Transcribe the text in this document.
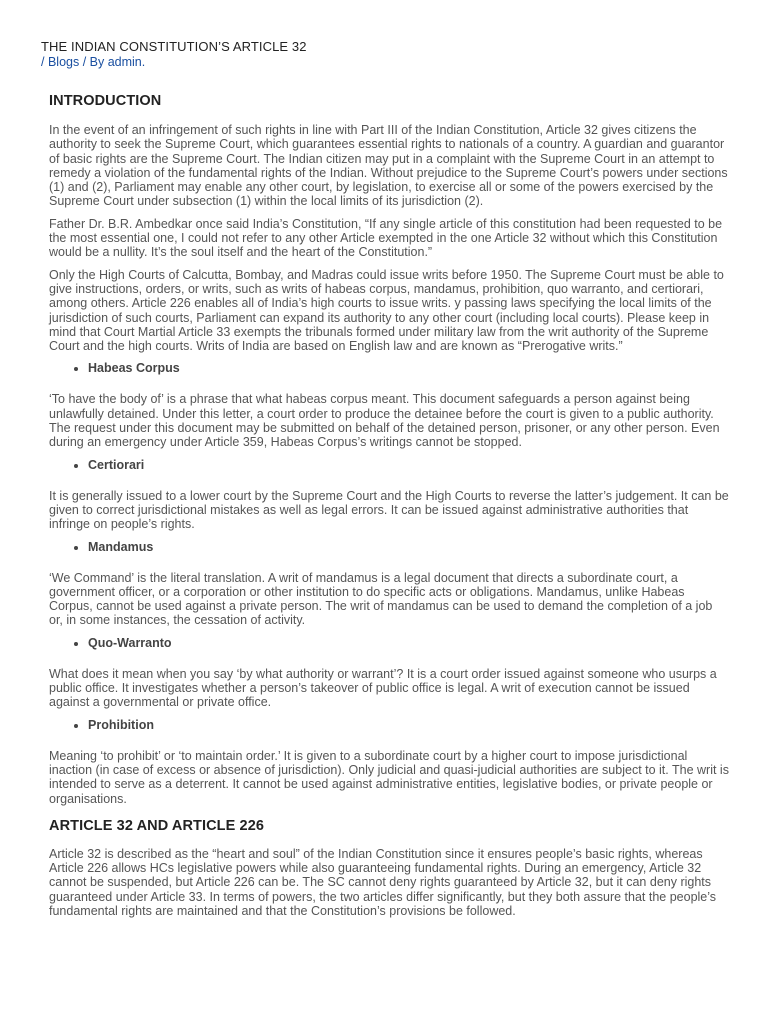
THE INDIAN CONSTITUTION’S ARTICLE 32
/ Blogs / By admin.
INTRODUCTION

In the event of an infringement of such rights in line with Part III of the Indian Constitution, Article 32 gives citizens the authority to seek the Supreme Court, which guarantees essential rights to nationals of a country. A guardian and guarantor of basic rights are the Supreme Court. The Indian citizen may put in a complaint with the Supreme Court in an attempt to remedy a violation of the fundamental rights of the Indian. Without prejudice to the Supreme Court’s powers under sections (1) and (2), Parliament may enable any other court, by legislation, to exercise all or some of the powers exercised by the Supreme Court under subsection (1) within the local limits of its jurisdiction (2).

Father Dr. B.R. Ambedkar once said India’s Constitution, “If any single article of this constitution had been requested to be the most essential one, I could not refer to any other Article exempted in the one Article 32 without which this Constitution would be a nullity. It’s the soul itself and the heart of the Constitution.”

Only the High Courts of Calcutta, Bombay, and Madras could issue writs before 1950. The Supreme Court must be able to give instructions, orders, or writs, such as writs of habeas corpus, mandamus, prohibition, quo warranto, and certiorari, among others. Article 226 enables all of India’s high courts to issue writs. y passing laws specifying the local limits of the jurisdiction of such courts, Parliament can expand its authority to any other court (including local courts). Please keep in mind that Court Martial Article 33 exempts the tribunals formed under military law from the writ authority of the Supreme Court and the high courts. Writs of India are based on English law and are known as “Prerogative writs.”

• Habeas Corpus

‘To have the body of’ is a phrase that what habeas corpus meant. This document safeguards a person against being unlawfully detained. Under this letter, a court order to produce the detainee before the court is given to a public authority. The request under this document may be submitted on behalf of the detained person, prisoner, or any other person. Even during an emergency under Article 359, Habeas Corpus’s writings cannot be stopped.

• Certiorari

It is generally issued to a lower court by the Supreme Court and the High Courts to reverse the latter’s judgement. It can be given to correct jurisdictional mistakes as well as legal errors. It can be issued against administrative authorities that infringe on people’s rights.

• Mandamus

‘We Command’ is the literal translation. A writ of mandamus is a legal document that directs a subordinate court, a government officer, or a corporation or other institution to do specific acts or obligations. Mandamus, unlike Habeas Corpus, cannot be used against a private person. The writ of mandamus can be used to demand the completion of a job or, in some instances, the cessation of activity.

• Quo-Warranto

What does it mean when you say ‘by what authority or warrant’? It is a court order issued against someone who usurps a public office. It investigates whether a person’s takeover of public office is legal. A writ of execution cannot be issued against a governmental or private office.

• Prohibition

Meaning ‘to prohibit’ or ‘to maintain order.’ It is given to a subordinate court by a higher court to impose jurisdictional inaction (in case of excess or absence of jurisdiction). Only judicial and quasi-judicial authorities are subject to it. The writ is intended to serve as a deterrent. It cannot be used against administrative entities, legislative bodies, or private people or organisations.

ARTICLE 32 AND ARTICLE 226

Article 32 is described as the “heart and soul” of the Indian Constitution since it ensures people’s basic rights, whereas Article 226 allows HCs legislative powers while also guaranteeing fundamental rights. During an emergency, Article 32 cannot be suspended, but Article 226 can be. The SC cannot deny rights guaranteed by Article 32, but it can deny rights guaranteed under Article 33. In terms of powers, the two articles differ significantly, but they both assure that the people’s fundamental rights are maintained and that the Constitution’s provisions be followed.
